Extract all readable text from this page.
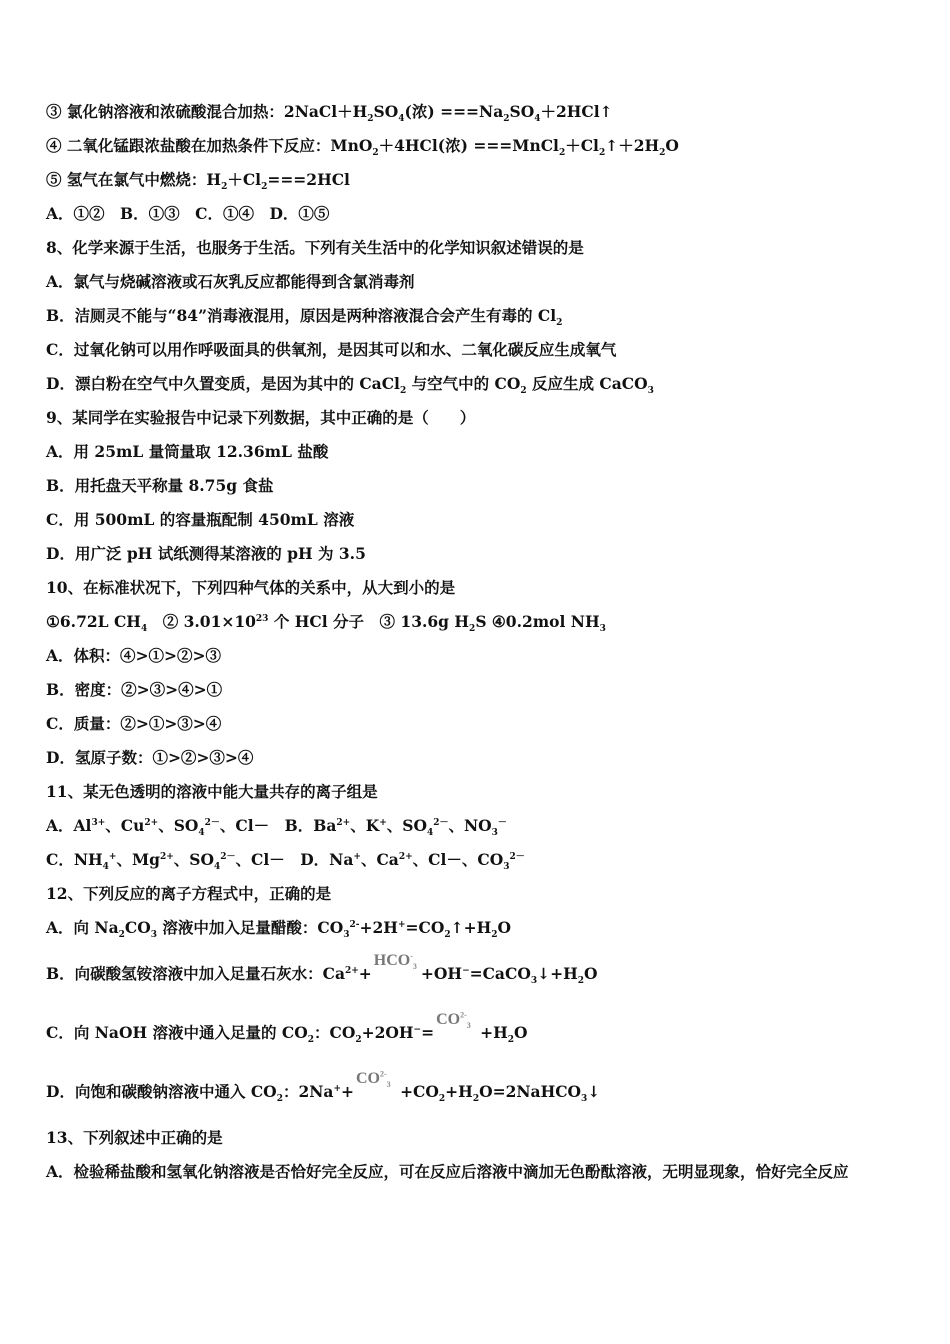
③ 氯化钠溶液和浓硫酸混合加热：$2NaCl+H_2SO_4$(浓) $===Na_2SO_4+2HCl↑$
④ 二氧化锰跟浓盐酸在加热条件下反应：MnO$_2$＋4HCl(浓) $===MnCl_2+Cl_2↑+2H_2O$
⑤ 氢气在氯气中燃烧：$H_2+Cl_2===2HCl$
A．①②　B．①③　C．①④　D．①⑤
8、化学来源于生活，也服务于生活。下列有关生活中的化学知识叙述错误的是
A．氯气与烧碱溶液或石灰乳反应都能得到含氯消毒剂
B．洁厕灵不能与“84”消毒液混用，原因是两种溶液混合会产生有毒的 $Cl_2$
C．过氧化钠可以用作呼吸面具的供氧剂，是因其可以和水、二氧化碳反应生成氧气
D．漂白粉在空气中久置变质，是因为其中的 CaCl$_2$ 与空气中的 $CO_2$ 反应生成 CaCO$_3$
9、某同学在实验报告中记录下列数据，其中正确的是（　　）
A．用 25mL 量筒量取 12.36mL 盐酸
B．用托盘天平称量 8.75g 食盐
C．用 500mL 的容量瓶配制 450mL 溶液
D．用广泛 pH 试纸测得某溶液的 pH 为 3.5
10、在标准状况下，下列四种气体的关系中，从大到小的是
①6.72L $CH_4$　② $3.01\times 10^{23}$ 个 HCl 分子　③ 13.6g $H_2S$ ④0.2mol $NH_3$
A．体积：④>①>②>③
B．密度：②>③>④>①
C．质量：②>①>③>④
D．氢原子数：①>②>③>④
11、某无色透明的溶液中能大量共存的离子组是
A．$Al^{3+}$、$Cu^{2+}$、$SO_4^{2-}$、Cl－　B．$Ba^{2+}$、K+、$SO_4^{2-}$、$NO_3^-$
C．$NH_4^+$、$Mg^{2+}$、$SO_4^{2-}$、Cl－　D．Na+、$Ca^{2+}$、Cl－、$CO_3^{2-}$
12、下列反应的离子方程式中，正确的是
A．向 $Na_2CO_3$ 溶液中加入足量醋酸：$CO_3^{2-}+2H^+=CO_2↑+H_2O$
B．向碳酸氢铵溶液中加入足量石灰水：$Ca^{2+}+HCO^-_3$ $+OH^-=CaCO_3↓+H_2O$
C．向 NaOH 溶液中通入足量的 $CO_2$：$CO_2+2OH^-=CO^{2-}_3 +H_2O$
D．向饱和碳酸钠溶液中通入 $CO_2$：$2Na^++CO^{2-}_3$ $+CO_2+H_2O=2NaHCO_3↓$
13、下列叙述中正确的是
A．检验稀盐酸和氢氧化钠溶液是否恰好完全反应，可在反应后溶液中滴加无色酚酞溶液，无明显现象，恰好完全反应
